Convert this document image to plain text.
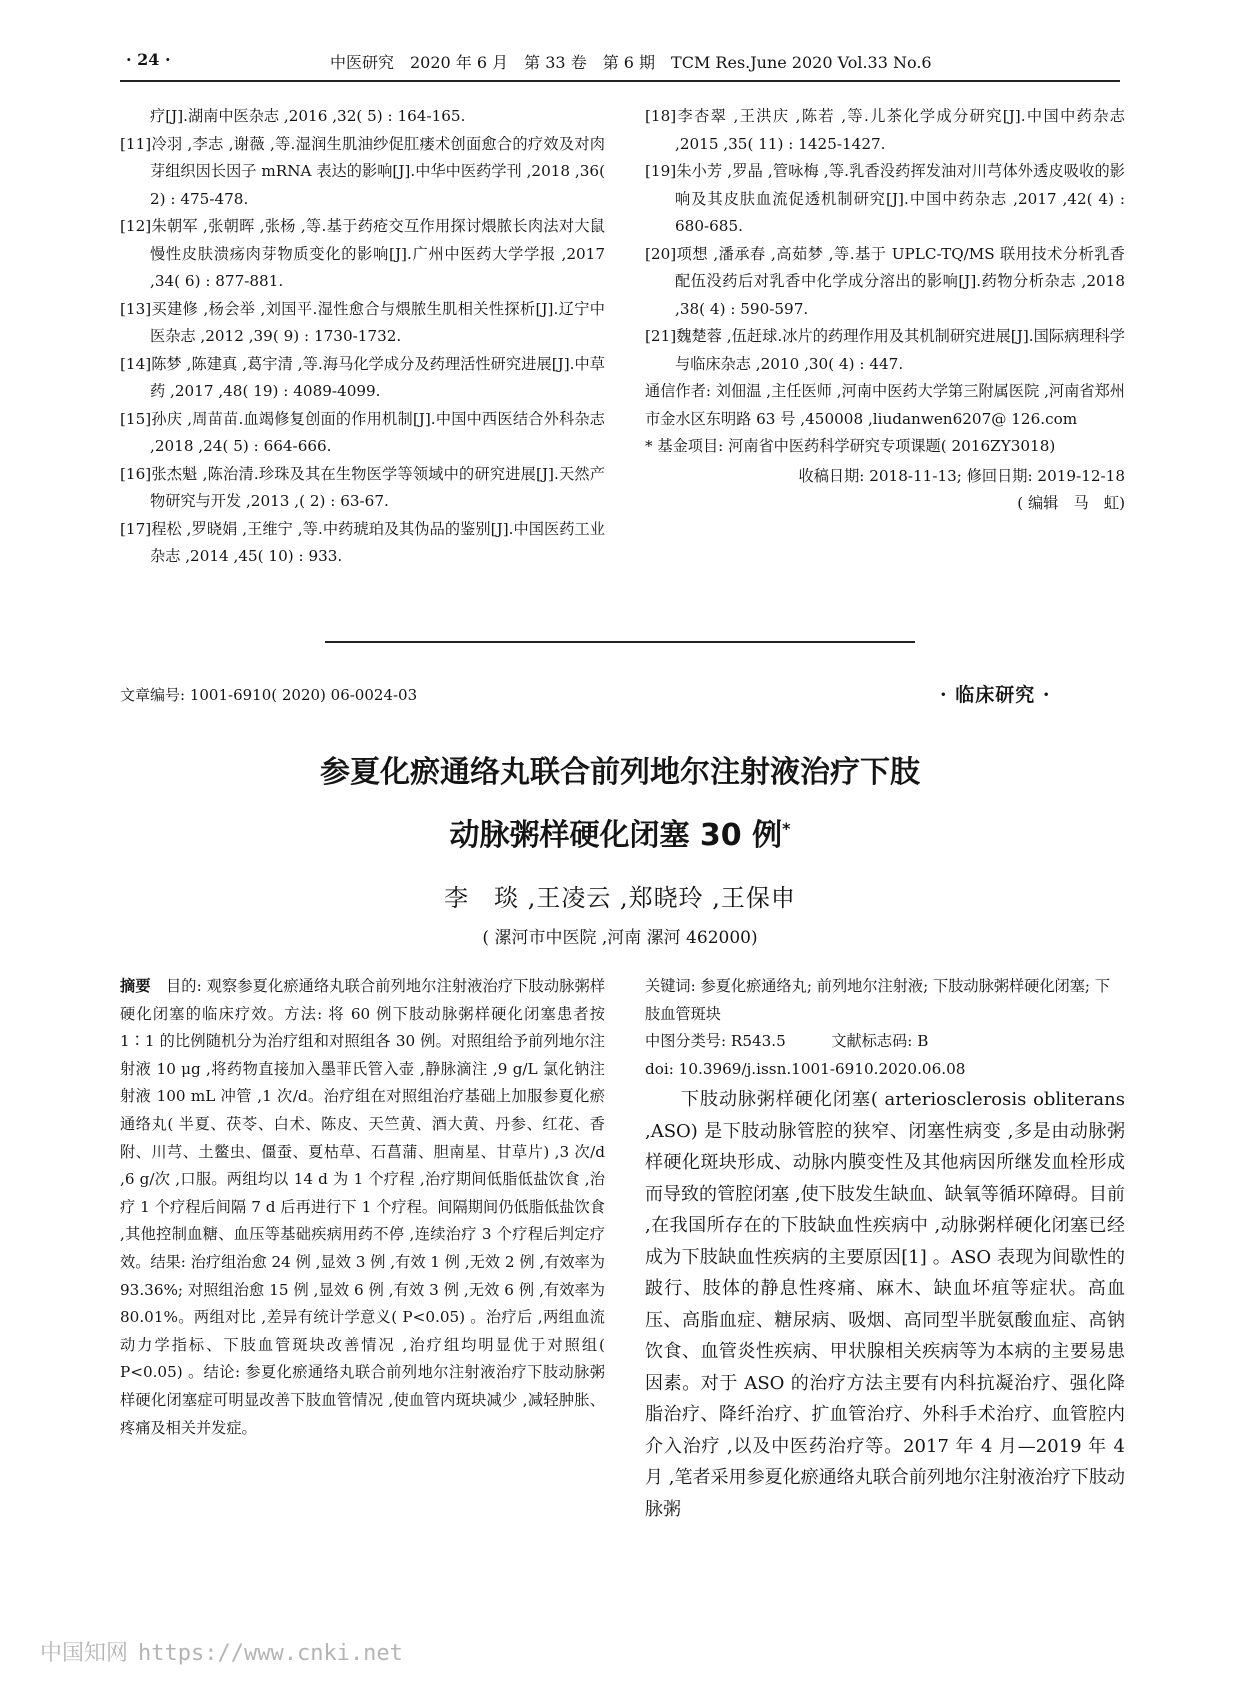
· 24 ·	中医研究　2020 年 6 月　第 33 卷　第 6 期　TCM Res.June 2020 Vol.33 No.6

疗[J].湖南中医杂志 ,2016 ,32( 5) : 164-165.

[11]冷羽 ,李志 ,谢薇 ,等.湿润生肌油纱促肛瘘术创面愈合的疗效及对肉芽组织因长因子 mRNA 表达的影响[J].中华中医药学刊 ,2018 ,36( 2) : 475-478.

[12]朱朝军 ,张朝晖 ,张杨 ,等.基于药疮交互作用探讨煨脓长肉法对大鼠慢性皮肤溃疡肉芽物质变化的影响[J].广州中医药大学学报 ,2017 ,34( 6) : 877-881.

[13]买建修 ,杨会举 ,刘国平.湿性愈合与煨脓生肌相关性探析[J].辽宁中医杂志 ,2012 ,39( 9) : 1730-1732.

[14]陈梦 ,陈建真 ,葛宇清 ,等.海马化学成分及药理活性研究进展[J].中草药 ,2017 ,48( 19) : 4089-4099.

[15]孙庆 ,周苗苗.血竭修复创面的作用机制[J].中国中西医结合外科杂志 ,2018 ,24( 5) : 664-666.

[16]张杰魁 ,陈治清.珍珠及其在生物医学等领域中的研究进展[J].天然产物研究与开发 ,2013 ,( 2) : 63-67.

[17]程松 ,罗晓娟 ,王维宁 ,等.中药琥珀及其伪品的鉴别[J].中国医药工业杂志 ,2014 ,45( 10) : 933.

[18]李杏翠 ,王洪庆 ,陈若 ,等.儿茶化学成分研究[J].中国中药杂志 ,2015 ,35( 11) : 1425-1427.

[19]朱小芳 ,罗晶 ,管咏梅 ,等.乳香没药挥发油对川芎体外透皮吸收的影响及其皮肤血流促透机制研究[J].中国中药杂志 ,2017 ,42( 4) : 680-685.

[20]项想 ,潘承春 ,高茹梦 ,等.基于 UPLC-TQ/MS 联用技术分析乳香配伍没药后对乳香中化学成分溶出的影响[J].药物分析杂志 ,2018 ,38( 4) : 590-597.

[21]魏楚蓉 ,伍赶球.冰片的药理作用及其机制研究进展[J].国际病理科学与临床杂志 ,2010 ,30( 4) : 447.

通信作者: 刘佃温 ,主任医师 ,河南中医药大学第三附属医院 ,河南省郑州市金水区东明路 63 号 ,450008 ,liudanwen6207@ 126.com

* 基金项目: 河南省中医药科学研究专项课题( 2016ZY3018)

收稿日期: 2018-11-13; 修回日期: 2019-12-18

( 编辑　马　虹)

文章编号: 1001-6910( 2020) 06-0024-03	· 临床研究 ·
参夏化瘀通络丸联合前列地尔注射液治疗下肢
动脉粥样硬化闭塞 30 例*
李　琰 ,王凌云 ,郑晓玲 ,王保申
( 漯河市中医院 ,河南 漯河 462000)
摘要　目的: 观察参夏化瘀通络丸联合前列地尔注射液治疗下肢动脉粥样硬化闭塞的临床疗效。方法: 将 60 例下肢动脉粥样硬化闭塞患者按 1∶1 的比例随机分为治疗组和对照组各 30 例。对照组给予前列地尔注射液 10 μg ,将药物直接加入墨菲氏管入壶 ,静脉滴注 ,9 g/L 氯化钠注射液 100 mL 冲管 ,1 次/d。治疗组在对照组治疗基础上加服参夏化瘀通络丸( 半夏、茯苓、白术、陈皮、天竺黄、酒大黄、丹参、红花、香附、川芎、土鳖虫、僵蚕、夏枯草、石菖蒲、胆南星、甘草片) ,3 次/d ,6 g/次 ,口服。两组均以 14 d 为 1 个疗程 ,治疗期间低脂低盐饮食 ,治疗 1 个疗程后间隔 7 d 后再进行下 1 个疗程。间隔期间仍低脂低盐饮食 ,其他控制血糖、血压等基础疾病用药不停 ,连续治疗 3 个疗程后判定疗效。结果: 治疗组治愈 24 例 ,显效 3 例 ,有效 1 例 ,无效 2 例 ,有效率为 93.36%; 对照组治愈 15 例 ,显效 6 例 ,有效 3 例 ,无效 6 例 ,有效率为 80.01%。两组对比 ,差异有统计学意义( P<0.05) 。治疗后 ,两组血流动力学指标、下肢血管斑块改善情况 ,治疗组均明显优于对照组( P<0.05) 。结论: 参夏化瘀通络丸联合前列地尔注射液治疗下肢动脉粥样硬化闭塞症可明显改善下肢血管情况 ,使血管内斑块减少 ,减轻肿胀、疼痛及相关并发症。

关键词: 参夏化瘀通络丸; 前列地尔注射液; 下肢动脉粥样硬化闭塞; 下肢血管斑块

中图分类号: R543.5　　　文献标志码: B

doi: 10.3969/j.issn.1001-6910.2020.06.08

下肢动脉粥样硬化闭塞( arteriosclerosis obliterans ,ASO) 是下肢动脉管腔的狭窄、闭塞性病变 ,多是由动脉粥样硬化斑块形成、动脉内膜变性及其他病因所继发血栓形成而导致的管腔闭塞 ,使下肢发生缺血、缺氧等循环障碍。目前 ,在我国所存在的下肢缺血性疾病中 ,动脉粥样硬化闭塞已经成为下肢缺血性疾病的主要原因[1] 。ASO 表现为间歇性的跛行、肢体的静息性疼痛、麻木、缺血坏疽等症状。高血压、高脂血症、糖尿病、吸烟、高同型半胱氨酸血症、高钠饮食、血管炎性疾病、甲状腺相关疾病等为本病的主要易患因素。对于 ASO 的治疗方法主要有内科抗凝治疗、强化降脂治疗、降纤治疗、扩血管治疗、外科手术治疗、血管腔内介入治疗 ,以及中医药治疗等。2017 年 4 月—2019 年 4 月 ,笔者采用参夏化瘀通络丸联合前列地尔注射液治疗下肢动脉粥

中国知网 https://www.cnki.net
